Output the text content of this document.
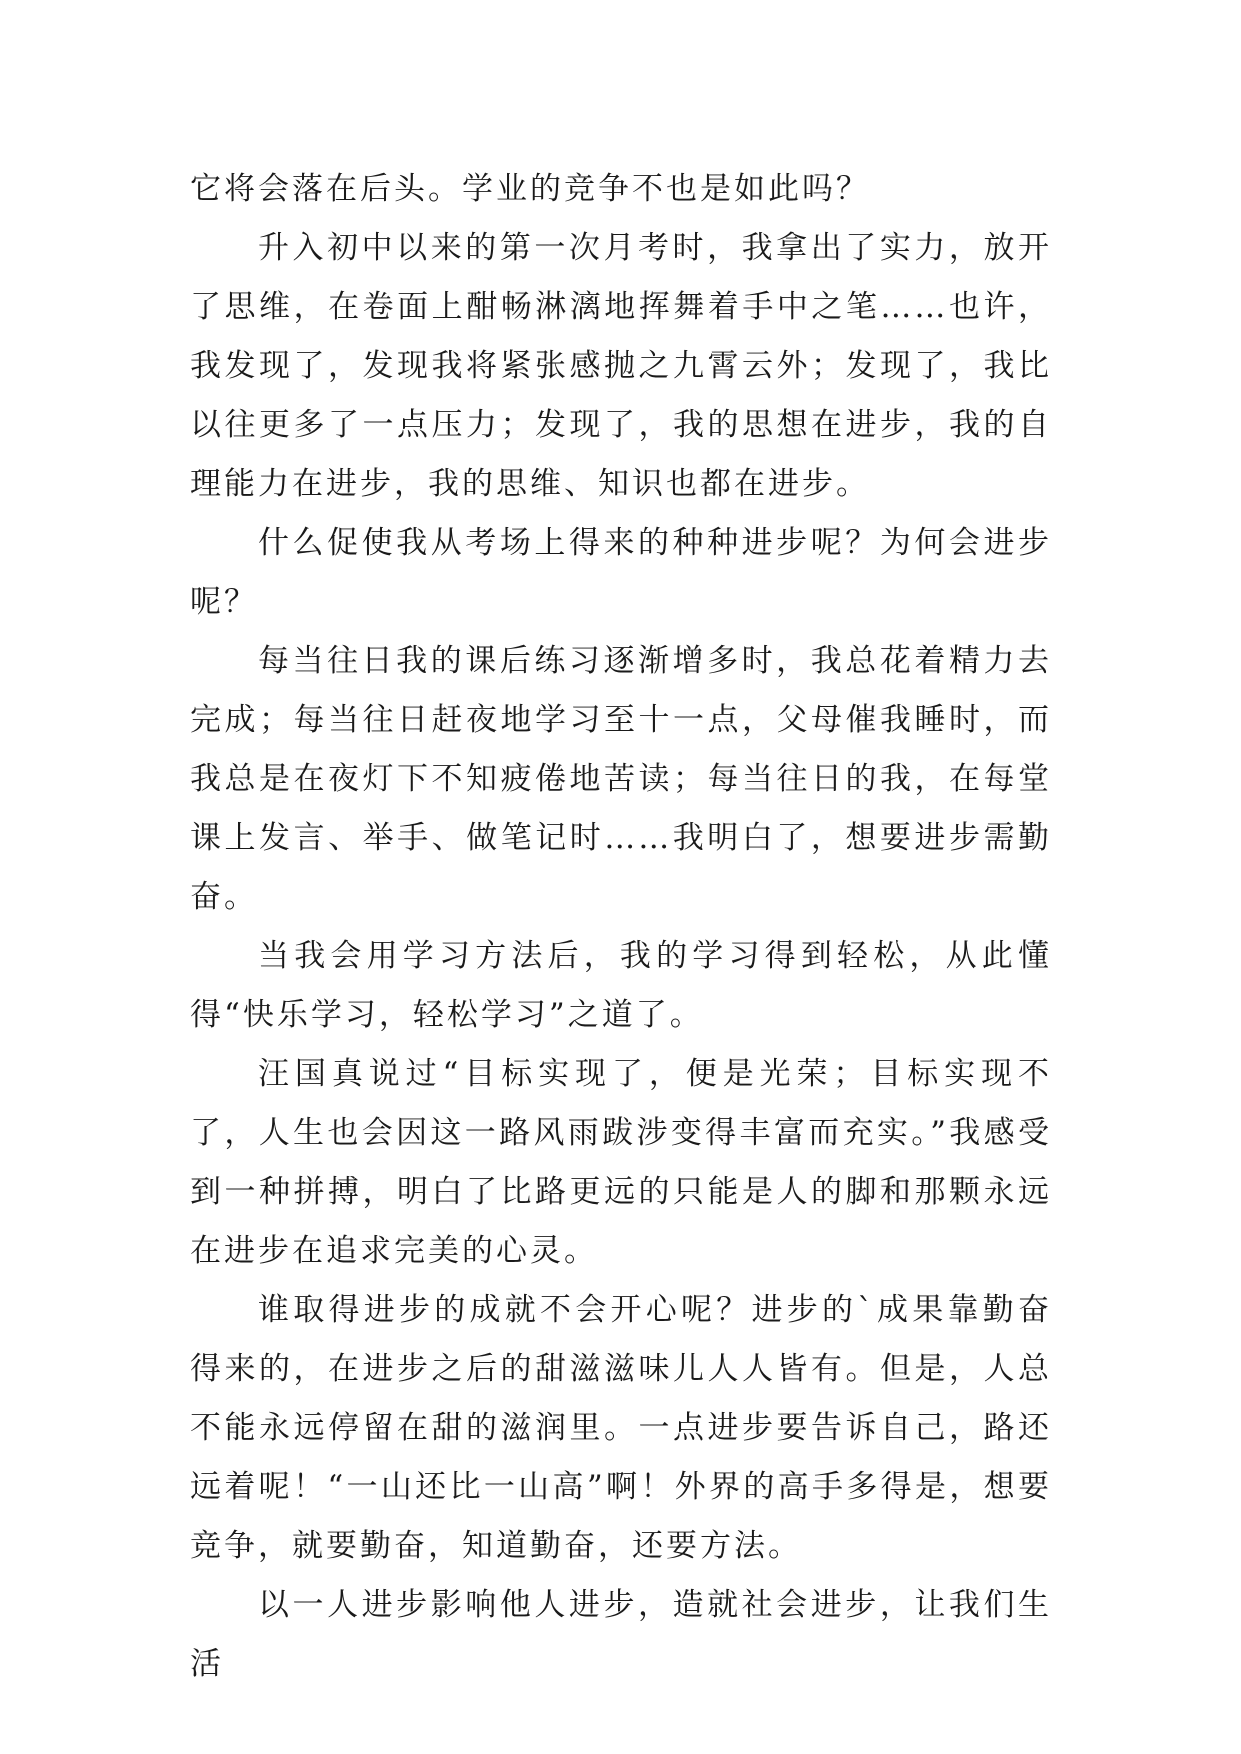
它将会落在后头。学业的竞争不也是如此吗？

升入初中以来的第一次月考时，我拿出了实力，放开了思维，在卷面上酣畅淋漓地挥舞着手中之笔……也许，我发现了，发现我将紧张感抛之九霄云外；发现了，我比以往更多了一点压力；发现了，我的思想在进步，我的自理能力在进步，我的思维、知识也都在进步。

什么促使我从考场上得来的种种进步呢？为何会进步呢？

每当往日我的课后练习逐渐增多时，我总花着精力去完成；每当往日赶夜地学习至十一点，父母催我睡时，而我总是在夜灯下不知疲倦地苦读；每当往日的我，在每堂课上发言、举手、做笔记时……我明白了，想要进步需勤奋。

当我会用学习方法后，我的学习得到轻松，从此懂得“快乐学习，轻松学习”之道了。

汪国真说过“目标实现了，便是光荣；目标实现不了，人生也会因这一路风雨跋涉变得丰富而充实。”我感受到一种拼搏，明白了比路更远的只能是人的脚和那颗永远在进步在追求完美的心灵。

谁取得进步的成就不会开心呢？进步的`成果靠勤奋得来的，在进步之后的甜滋滋味儿人人皆有。但是，人总不能永远停留在甜的滋润里。一点进步要告诉自己，路还远着呢！“一山还比一山高”啊！外界的高手多得是，想要竞争，就要勤奋，知道勤奋，还要方法。

以一人进步影响他人进步，造就社会进步，让我们生活
